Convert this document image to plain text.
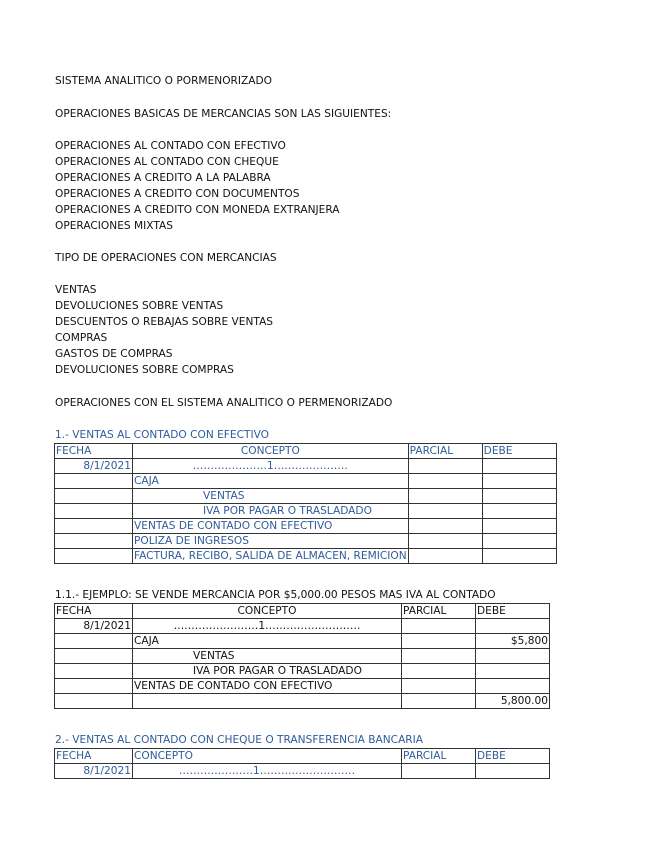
SISTEMA ANALITICO O PORMENORIZADO
OPERACIONES BASICAS DE MERCANCIAS SON LAS SIGUIENTES:
OPERACIONES AL CONTADO CON EFECTIVO
OPERACIONES AL CONTADO CON CHEQUE
OPERACIONES A CREDITO A LA PALABRA
OPERACIONES A CREDITO CON DOCUMENTOS
OPERACIONES A CREDITO CON MONEDA EXTRANJERA
OPERACIONES MIXTAS
TIPO DE OPERACIONES CON MERCANCIAS
VENTAS
DEVOLUCIONES SOBRE VENTAS
DESCUENTOS O REBAJAS SOBRE VENTAS
COMPRAS
GASTOS DE COMPRAS
DEVOLUCIONES SOBRE COMPRAS
OPERACIONES CON EL SISTEMA ANALITICO O PERMENORIZADO
1.- VENTAS AL CONTADO CON EFECTIVO
FECHA	CONCEPTO	PARCIAL	DEBE
8/1/2021	…………………1…………………		
	CAJA		
	VENTAS		
	IVA POR PAGAR O TRASLADADO		
	VENTAS DE CONTADO CON EFECTIVO		
	POLIZA DE INGRESOS		
	FACTURA, RECIBO, SALIDA DE ALMACEN, REMICION		
1.1.- EJEMPLO: SE VENDE MERCANCIA POR $5,000.00 PESOS MAS IVA AL CONTADO
FECHA	CONCEPTO	PARCIAL	DEBE
8/1/2021	……………………1………………………		
	CAJA		$5,800
	VENTAS		
	IVA POR PAGAR O TRASLADADO		
	VENTAS DE CONTADO CON EFECTIVO		
			5,800.00
2.- VENTAS AL CONTADO CON CHEQUE O TRANSFERENCIA BANCARIA
FECHA	CONCEPTO	PARCIAL	DEBE
8/1/2021	…………………1………………………		
